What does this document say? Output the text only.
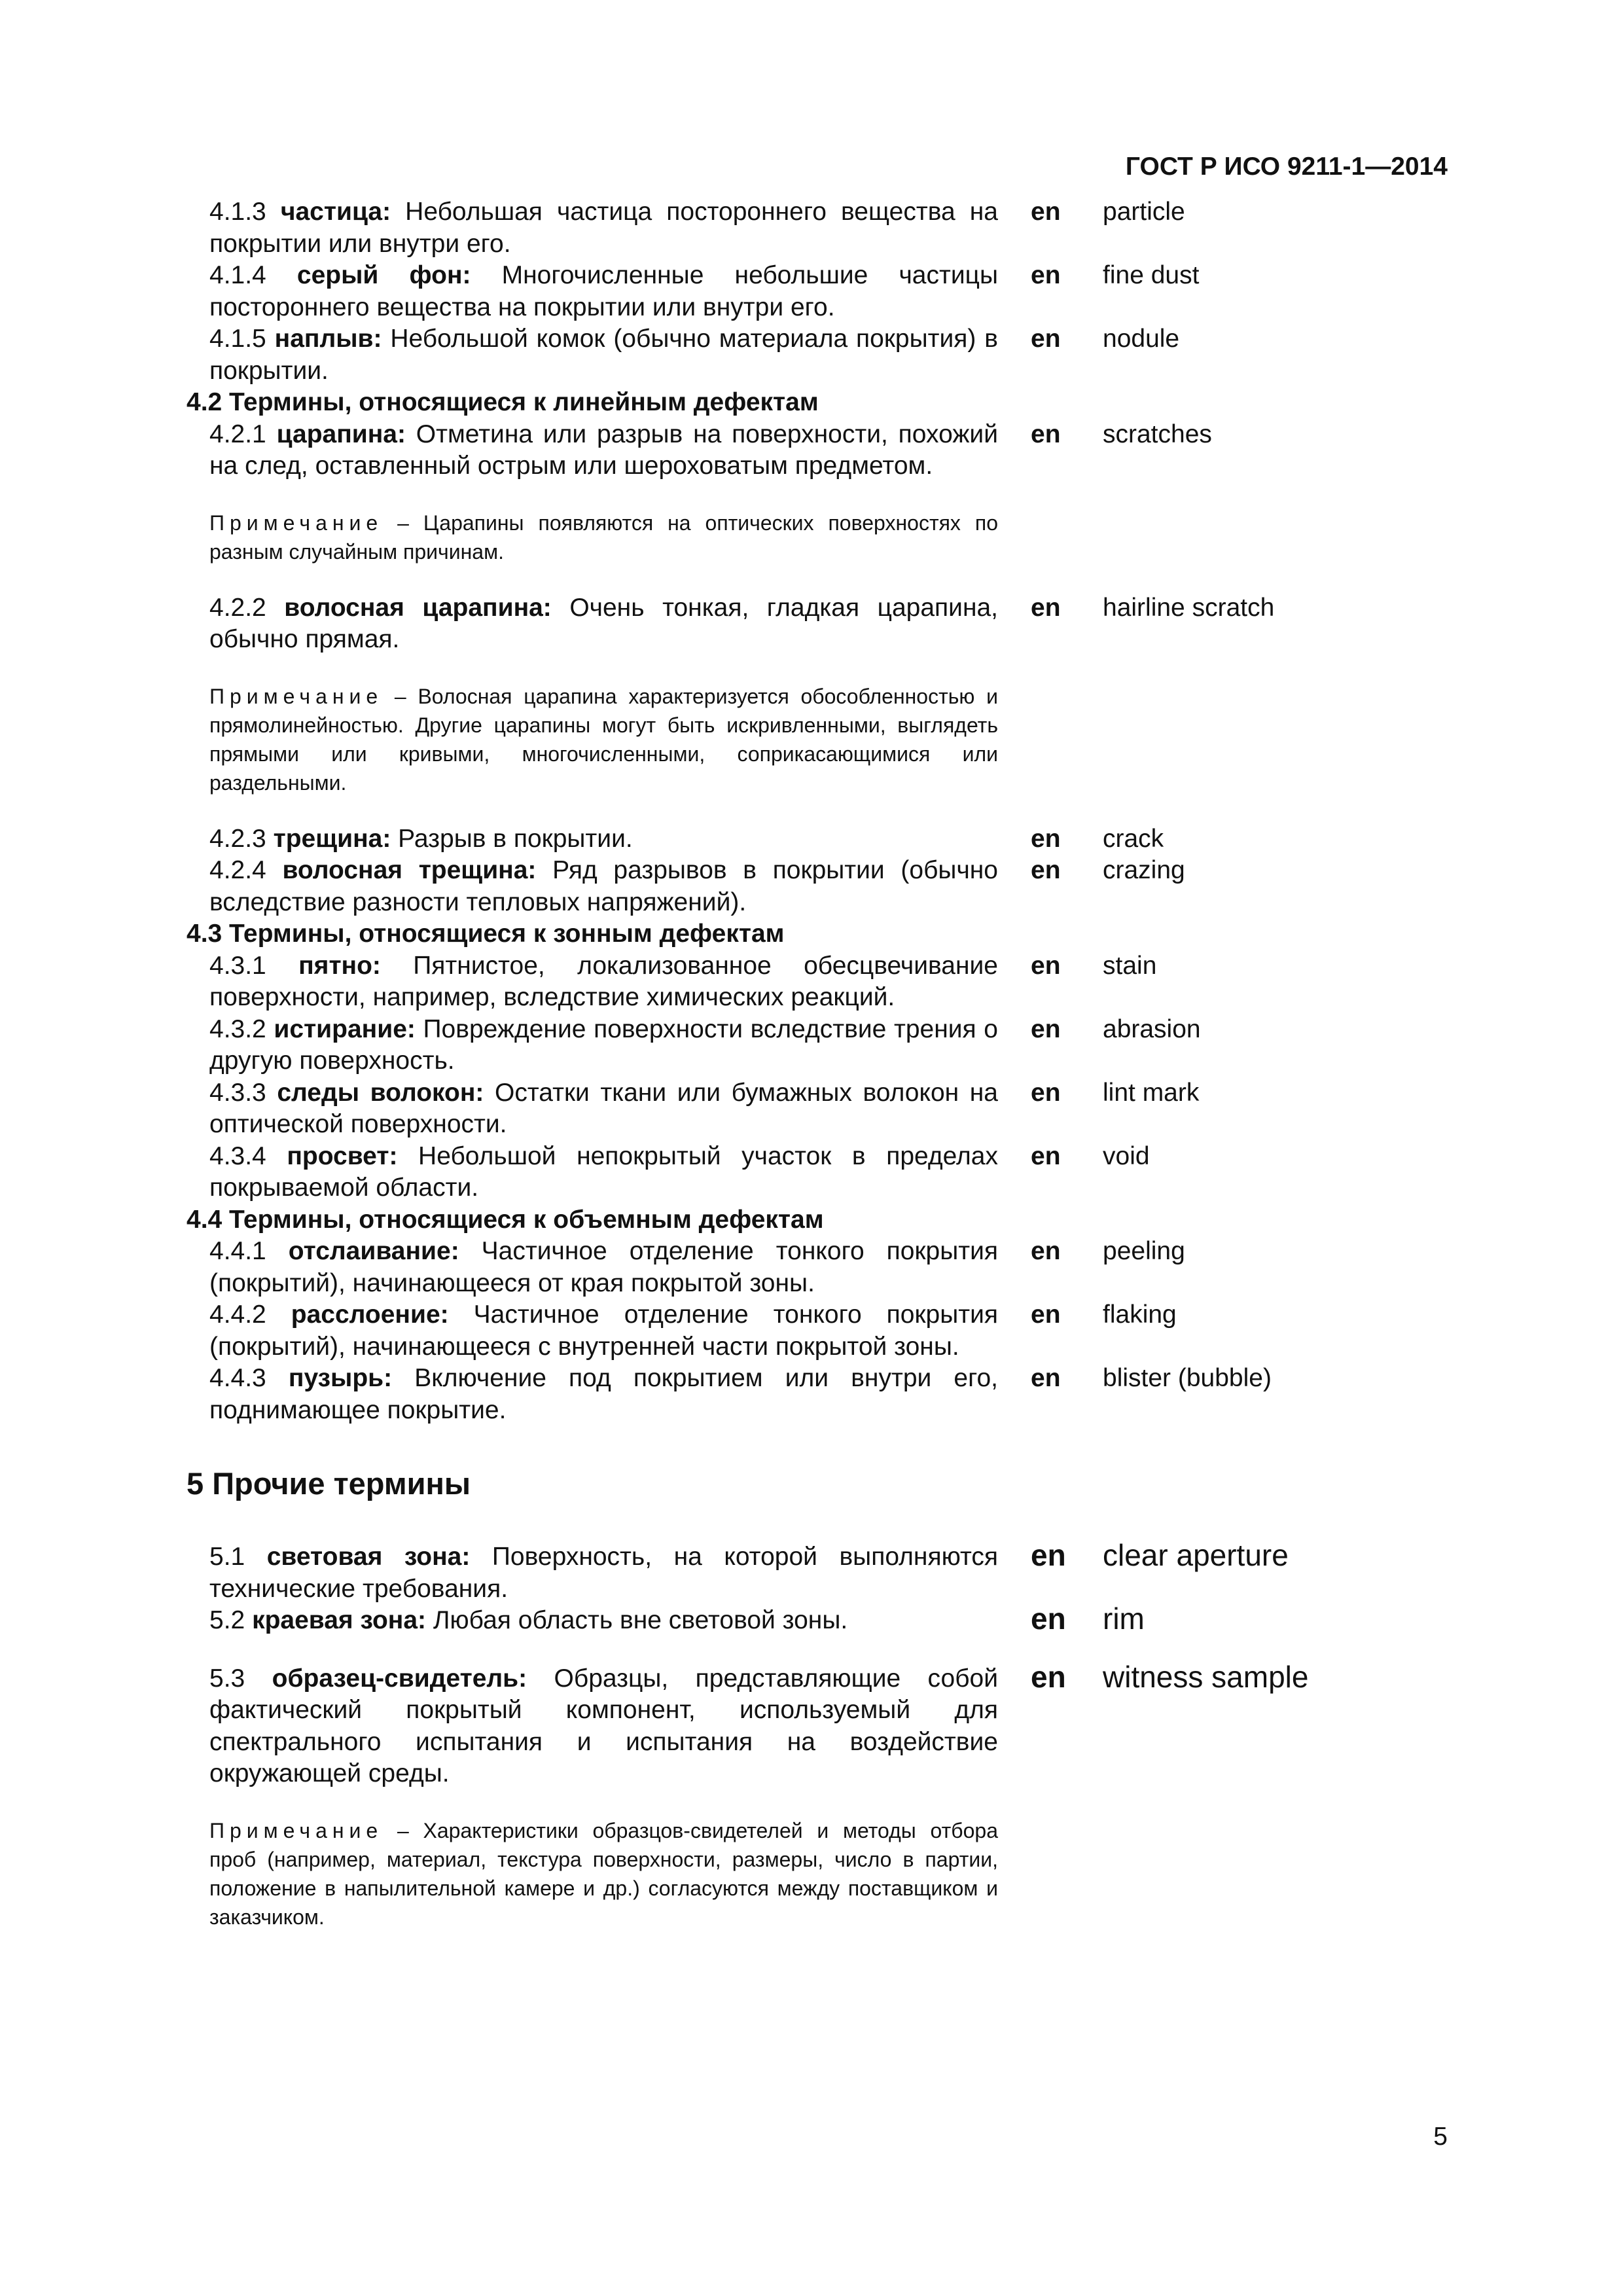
ГОСТ Р ИСО 9211-1—2014
4.1.3 частица: Небольшая частица постороннего вещества на покрытии или внутри его.
en particle
4.1.4 серый фон: Многочисленные небольшие частицы постороннего вещества на покрытии или внутри его.
en fine dust
4.1.5 наплыв: Небольшой комок (обычно материала покрытия) в покрытии.
en nodule
4.2 Термины, относящиеся к линейным дефектам
4.2.1 царапина: Отметина или разрыв на поверхности, похожий на след, оставленный острым или шероховатым предметом.
en scratches
Примечание – Царапины появляются на оптических поверхностях по разным случайным причинам.
4.2.2 волосная царапина: Очень тонкая, гладкая царапина, обычно прямая.
en hairline scratch
Примечание – Волосная царапина характеризуется обособленностью и прямолинейностью. Другие царапины могут быть искривленными, выглядеть прямыми или кривыми, многочисленными, соприкасающимися или раздельными.
4.2.3 трещина: Разрыв в покрытии.	en crack
4.2.4 волосная трещина: Ряд разрывов в покрытии (обычно вследствие разности тепловых напряжений).
en crazing
4.3 Термины, относящиеся к зонным дефектам
4.3.1 пятно: Пятнистое, локализованное обесцвечивание поверхности, например, вследствие химических реакций.
en stain
4.3.2 истирание: Повреждение поверхности вследствие трения о другую поверхность.
en abrasion
4.3.3 следы волокон: Остатки ткани или бумажных волокон на оптической поверхности.
en lint mark
4.3.4 просвет: Небольшой непокрытый участок в пределах покрываемой области.
en void
4.4 Термины, относящиеся к объемным дефектам
4.4.1 отслаивание: Частичное отделение тонкого покрытия (покрытий), начинающееся от края покрытой зоны.
en peeling
4.4.2 расслоение: Частичное отделение тонкого покрытия (покрытий), начинающееся с внутренней части покрытой зоны.
en flaking
4.4.3 пузырь: Включение под покрытием или внутри его, поднимающее покрытие.
en blister (bubble)
5 Прочие термины
5.1 световая зона: Поверхность, на которой выполняются технические требования.
en clear aperture
5.2 краевая зона: Любая область вне световой зоны.	en rim
5.3 образец-свидетель: Образцы, представляющие собой фактический покрытый компонент, используемый для спектрального испытания и испытания на воздействие окружающей среды.
en witness sample
Примечание – Характеристики образцов-свидетелей и методы отбора проб (например, материал, текстура поверхности, размеры, число в партии, положение в напылительной камере и др.) согласуются между поставщиком и заказчиком.
5
